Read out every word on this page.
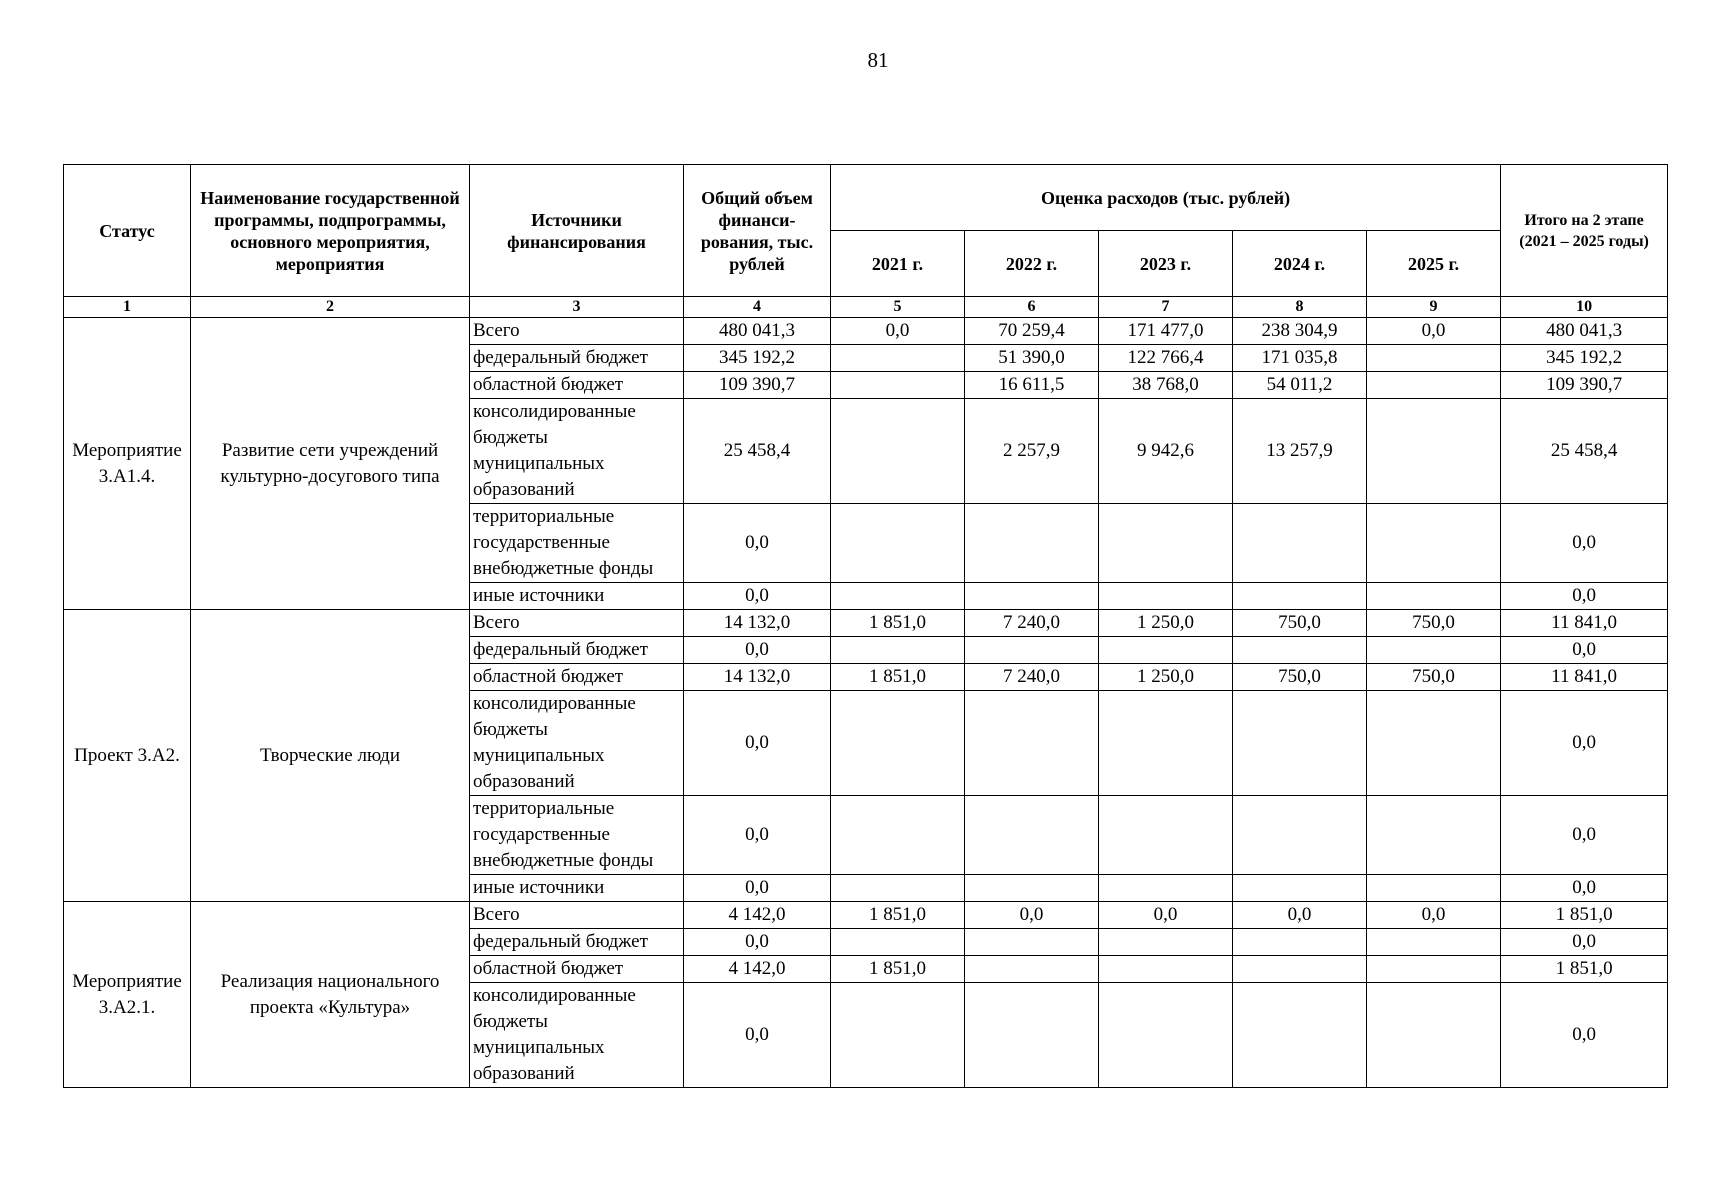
81
Статус	Наименование государственной программы, подпрограммы, основного мероприятия, мероприятия	Источники финансирования	Общий объем финанси-рования, тыс. рублей	Оценка расходов (тыс. рублей)					Итого на 2 этапе (2021 – 2025 годы)
				2021 г.	2022 г.	2023 г.	2024 г.	2025 г.	
1	2	3	4	5	6	7	8	9	10
Мероприятие 3.А1.4.	Развитие сети учреждений культурно-досугового типа	Всего	480 041,3	0,0	70 259,4	171 477,0	238 304,9	0,0	480 041,3
		федеральный бюджет	345 192,2		51 390,0	122 766,4	171 035,8		345 192,2
		областной бюджет	109 390,7		16 611,5	38 768,0	54 011,2		109 390,7
		консолидированные бюджеты муниципальных образований	25 458,4		2 257,9	9 942,6	13 257,9		25 458,4
		территориальные государственные внебюджетные фонды	0,0						0,0
		иные источники	0,0						0,0
Проект 3.А2.	Творческие люди	Всего	14 132,0	1 851,0	7 240,0	1 250,0	750,0	750,0	11 841,0
		федеральный бюджет	0,0						0,0
		областной бюджет	14 132,0	1 851,0	7 240,0	1 250,0	750,0	750,0	11 841,0
		консолидированные бюджеты муниципальных образований	0,0						0,0
		территориальные государственные внебюджетные фонды	0,0						0,0
		иные источники	0,0						0,0
Мероприятие 3.А2.1.	Реализация национального проекта «Культура»	Всего	4 142,0	1 851,0	0,0	0,0	0,0	0,0	1 851,0
		федеральный бюджет	0,0						0,0
		областной бюджет	4 142,0	1 851,0					1 851,0
		консолидированные бюджеты муниципальных образований	0,0						0,0
